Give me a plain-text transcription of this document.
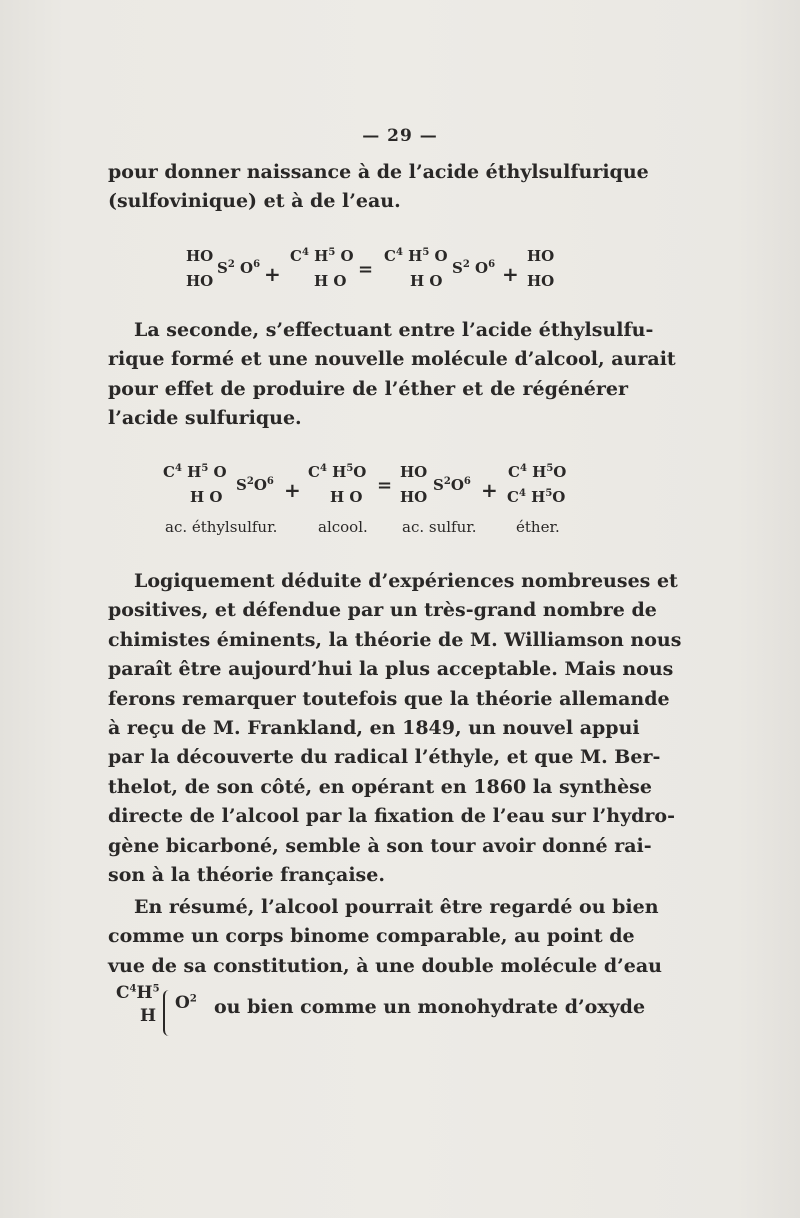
— 29 —
pour donner naissance à de l’acide éthylsulfurique
(sulfovinique) et à de l’eau.
HO
HO
$S^2$ $O^6$ +
$C^4$ $H^5$ O
H O
=
$C^4$ $H^5$ O
H O
$S^2$ $O^6$ +
HO
HO
La seconde, s’effectuant entre l’acide éthylsulfu-
rique formé et une nouvelle molécule d’alcool, aurait
pour effet de produire de l’éther et de régénérer
l’acide sulfurique.
$C^4$ $H^5$ O
H O
$S^2O^6$ +
$C^4$ $H^5O$
H O
=
HO
HO
$S^2O^6$ +
$C^4$ $H^5O$
$C^4$ $H^5O$
ac. éthylsulfur.	alcool. ac. sulfur.	éther.
Logiquement déduite d’expériences nombreuses et
positives, et défendue par un très-grand nombre de
chimistes éminents, la théorie de M. Williamson nous
paraît être aujourd’hui la plus acceptable. Mais nous
ferons remarquer toutefois que la théorie allemande
à reçu de M. Frankland, en 1849, un nouvel appui
par la découverte du radical l’éthyle, et que M. Ber-
thelot, de son côté, en opérant en 1860 la synthèse
directe de l’alcool par la fixation de l’eau sur l’hydro-
gène bicarboné, semble à son tour avoir donné rai-
son à la théorie française.
En résumé, l’alcool pourrait être regardé ou bien
comme un corps binome comparable, au point de
vue de sa constitution, à une double molécule d’eau
$C^4H^5$
H
$O^2$ ou bien comme un monohydrate d’oxyde
